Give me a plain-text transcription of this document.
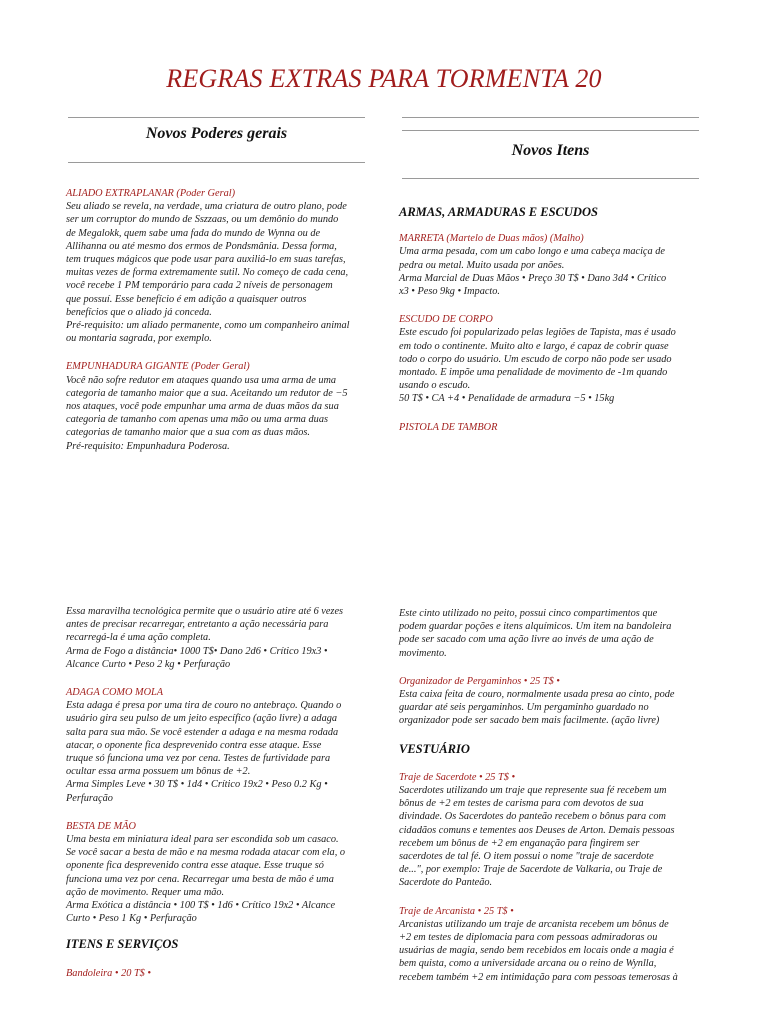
REGRAS EXTRAS PARA TORMENTA 20
Novos Poderes gerais
Novos Itens

ALIADO EXTRAPLANAR (Poder Geral)

Seu aliado se revela, na verdade, uma criatura de outro plano, pode

ser um corruptor do mundo de Sszzaas, ou um demônio do mundo

de Megalokk, quem sabe uma fada do mundo de Wynna ou de

Allihanna ou até mesmo dos ermos de Pondsmânia. Dessa forma,

tem truques mágicos que pode usar para auxiliá-lo em suas tarefas,

muitas vezes de forma extremamente sutil. No começo de cada cena,

você recebe 1 PM temporário para cada 2 níveis de personagem

que possuí. Esse benefício é em adição a quaisquer outros

benefícios que o aliado já conceda.

Pré-requisito: um aliado permanente, como um companheiro animal

ou montaria sagrada, por exemplo.

EMPUNHADURA GIGANTE (Poder Geral)

Você não sofre redutor em ataques quando usa uma arma de uma

categoria de tamanho maior que a sua. Aceitando um redutor de −5

nos ataques, você pode empunhar uma arma de duas mãos da sua

categoria de tamanho com apenas uma mão ou uma arma duas

categorias de tamanho maior que a sua com as duas mãos.

Pré-requisito: Empunhadura Poderosa.

ARMAS, ARMADURAS E ESCUDOS

MARRETA (Martelo de Duas mãos) (Malho)

Uma arma pesada, com um cabo longo e uma cabeça maciça de

pedra ou metal. Muito usada por anões.

Arma Marcial de Duas Mãos • Preço 30 T$ • Dano 3d4 • Crítico

x3 • Peso 9kg • Impacto.

ESCUDO DE CORPO

Este escudo foi popularizado pelas legiões de Tapista, mas é usado

em todo o continente. Muito alto e largo, é capaz de cobrir quase

todo o corpo do usuário. Um escudo de corpo não pode ser usado

montado. E impõe uma penalidade de movimento de -1m quando

usando o escudo.

50 T$ • CA +4 • Penalidade de armadura −5 • 15kg

PISTOLA DE TAMBOR

Essa maravilha tecnológica permite que o usuário atire até 6 vezes

antes de precisar recarregar, entretanto a ação necessária para

recarregá-la é uma ação completa.

Arma de Fogo a distância• 1000 T$• Dano 2d6 • Crítico 19x3 •

Alcance Curto • Peso 2 kg • Perfuração

ADAGA COMO MOLA

Esta adaga é presa por uma tira de couro no antebraço. Quando o

usuário gira seu pulso de um jeito específico (ação livre) a adaga

salta para sua mão. Se você estender a adaga e na mesma rodada

atacar, o oponente fica desprevenido contra esse ataque. Esse

truque só funciona uma vez por cena. Testes de furtividade para

ocultar essa arma possuem um bônus de +2.

Arma Simples Leve • 30 T$ • 1d4 • Crítico 19x2 • Peso 0.2 Kg •

Perfuração

BESTA DE MÃO

Uma besta em miniatura ideal para ser escondida sob um casaco.

Se você sacar a besta de mão e na mesma rodada atacar com ela, o

oponente fica desprevenido contra esse ataque. Esse truque só

funciona uma vez por cena. Recarregar uma besta de mão é uma

ação de movimento. Requer uma mão.

Arma Exótica a distância • 100 T$ • 1d6 • Crítico 19x2 • Alcance

Curto • Peso 1 Kg • Perfuração

ITENS E SERVIÇOS

Bandoleira • 20 T$ •

Este cinto utilizado no peito, possui cinco compartimentos que

podem guardar poções e itens alquímicos. Um item na bandoleira

pode ser sacado com uma ação livre ao invés de uma ação de

movimento.

Organizador de Pergaminhos • 25 T$ •

Esta caixa feita de couro, normalmente usada presa ao cinto, pode

guardar até seis pergaminhos. Um pergaminho guardado no

organizador pode ser sacado bem mais facilmente. (ação livre)

VESTUÁRIO

Traje de Sacerdote • 25 T$ •

Sacerdotes utilizando um traje que represente sua fé recebem um

bônus de +2 em testes de carisma para com devotos de sua

divindade. Os Sacerdotes do panteão recebem o bônus para com

cidadãos comuns e tementes aos Deuses de Arton. Demais pessoas

recebem um bônus de +2 em enganação para fingirem ser

sacerdotes de tal fé. O item possui o nome "traje de sacerdote

de...", por exemplo: Traje de Sacerdote de Valkaria, ou Traje de

Sacerdote do Panteão.

Traje de Arcanista • 25 T$ •

Arcanistas utilizando um traje de arcanista recebem um bônus de

+2 em testes de diplomacia para com pessoas admiradoras ou

usuárias de magia, sendo bem recebidos em locais onde a magia é

bem quista, como a universidade arcana ou o reino de Wynlla,

recebem também +2 em intimidação para com pessoas temerosas à
